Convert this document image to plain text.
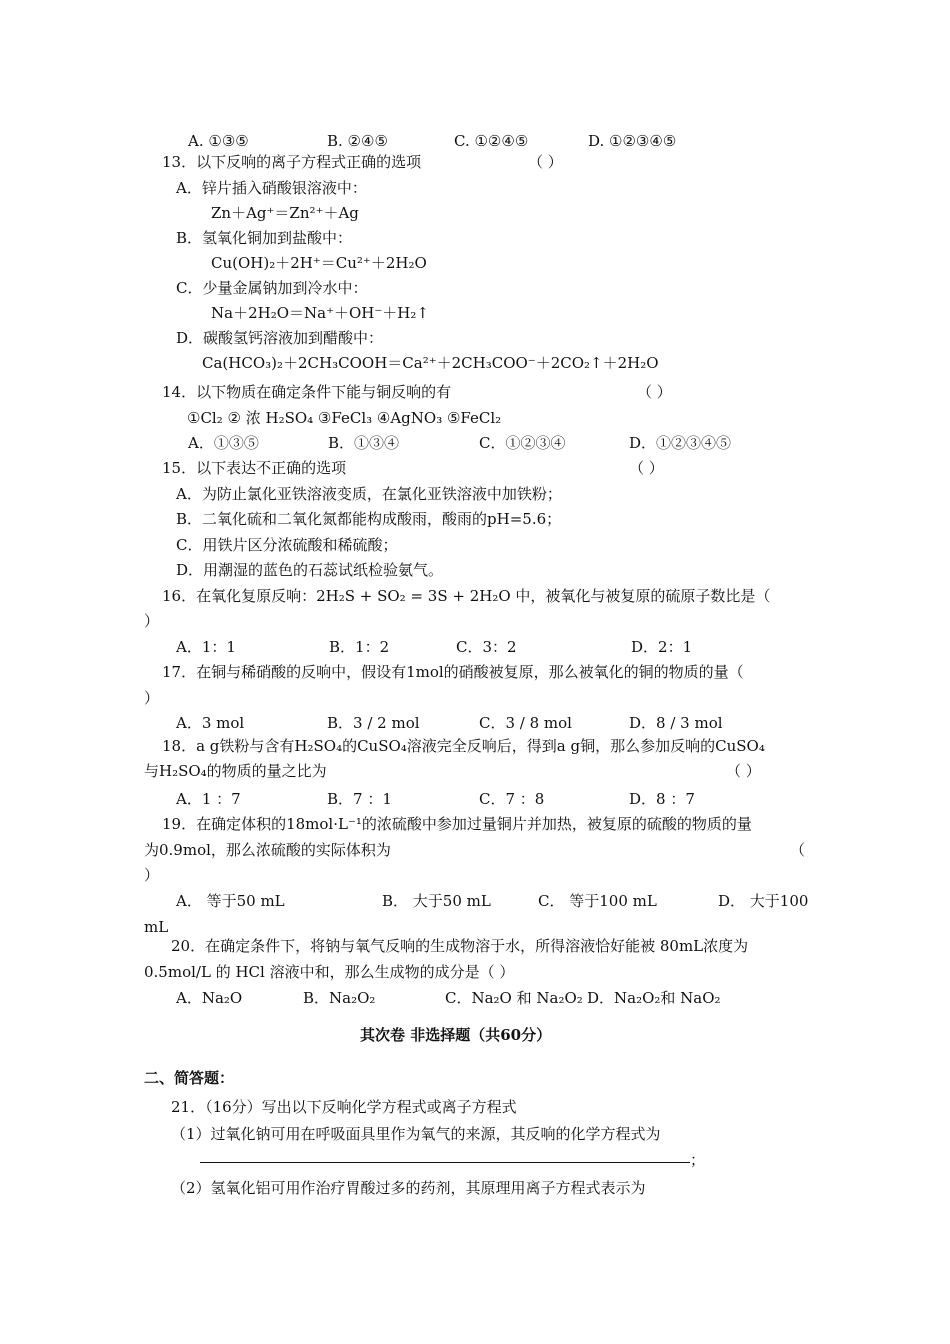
A. ①③⑤	B. ②④⑤	C. ①②④⑤	D. ①②③④⑤
13．以下反响的离子方程式正确的选项	（ ）
A．锌片插入硝酸银溶液中：
Zn＋Ag⁺＝Zn²⁺＋Ag
B．氢氧化铜加到盐酸中：
Cu(OH)₂＋2H⁺＝Cu²⁺＋2H₂O
C．少量金属钠加到冷水中：
Na＋2H₂O＝Na⁺＋OH⁻＋H₂↑
D．碳酸氢钙溶液加到醋酸中：
Ca(HCO₃)₂＋2CH₃COOH＝Ca²⁺＋2CH₃COO⁻＋2CO₂↑＋2H₂O
14．以下物质在确定条件下能与铜反响的有	（ ）
①Cl₂ ② 浓 H₂SO₄ ③FeCl₃ ④AgNO₃ ⑤FeCl₂
A．①③⑤	B．①③④	C．①②③④	D．①②③④⑤
15．以下表达不正确的选项	（ ）
A．为防止氯化亚铁溶液变质，在氯化亚铁溶液中加铁粉；
B．二氧化硫和二氧化氮都能构成酸雨，酸雨的pH=5.6；
C．用铁片区分浓硫酸和稀硫酸；
D．用潮湿的蓝色的石蕊试纸检验氨气。
16．在氧化复原反响：2H₂S + SO₂ = 3S + 2H₂O 中，被氧化与被复原的硫原子数比是（
）
A．1：1	B．1：2	C．3：2	D．2：1
17．在铜与稀硝酸的反响中，假设有1mol的硝酸被复原，那么被氧化的铜的物质的量（
）
A．3 mol	B．3 / 2 mol	C．3 / 8 mol	D．8 / 3 mol
18．a g铁粉与含有H₂SO₄的CuSO₄溶液完全反响后，得到a g铜，那么参加反响的CuSO₄
与H₂SO₄的物质的量之比为	（ ）
A．1 ：7	B．7 ：1	C．7 ：8	D．8 ：7
19．在确定体积的18mol·L⁻¹的浓硫酸中参加过量铜片并加热，被复原的硫酸的物质的量
为0.9mol，那么浓硫酸的实际体积为	（
）
A． 等于50 mL	B． 大于50 mL	C． 等于100 mL	D． 大于100
mL
20．在确定条件下，将钠与氧气反响的生成物溶于水，所得溶液恰好能被 80mL浓度为
0.5mol/L 的 HCl 溶液中和，那么生成物的成分是（ ）
A．Na₂O	B．Na₂O₂	C．Na₂O 和 Na₂O₂ D．Na₂O₂和 NaO₂
其次卷 非选择题（共60分）
二、简答题：
21．（16分）写出以下反响化学方程式或离子方程式
（1）过氧化钠可用在呼吸面具里作为氧气的来源，其反响的化学方程式为
；
（2）氢氧化铝可用作治疗胃酸过多的药剂，其原理用离子方程式表示为
